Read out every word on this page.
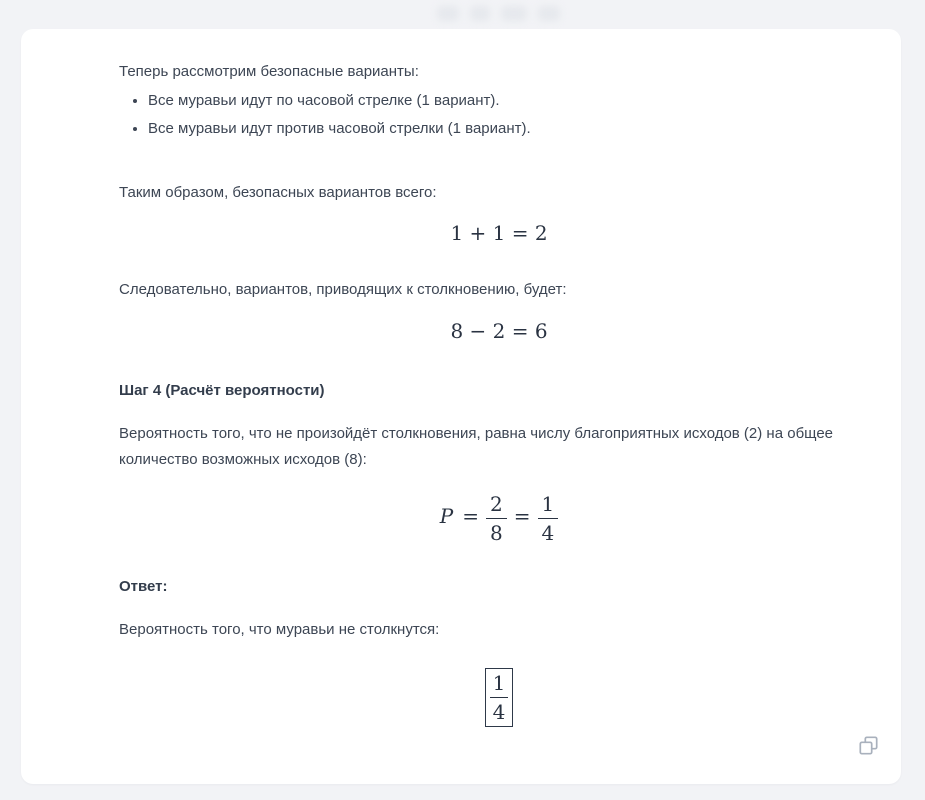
Теперь рассмотрим безопасные варианты:

Все муравьи идут по часовой стрелке (1 вариант).
Все муравьи идут против часовой стрелки (1 вариант).

Таким образом, безопасных вариантов всего:

1 + 1 = 2

Следовательно, вариантов, приводящих к столкновению, будет:

8 − 2 = 6
Шаг 4 (Расчёт вероятности)

Вероятность того, что не произойдёт столкновения, равна числу благоприятных исходов (2) на общее количество возможных исходов (8):

$P = \frac{2}{8} = \frac{1}{4}$
Ответ:

Вероятность того, что муравьи не столкнутся:

$\frac{1}{4}$
